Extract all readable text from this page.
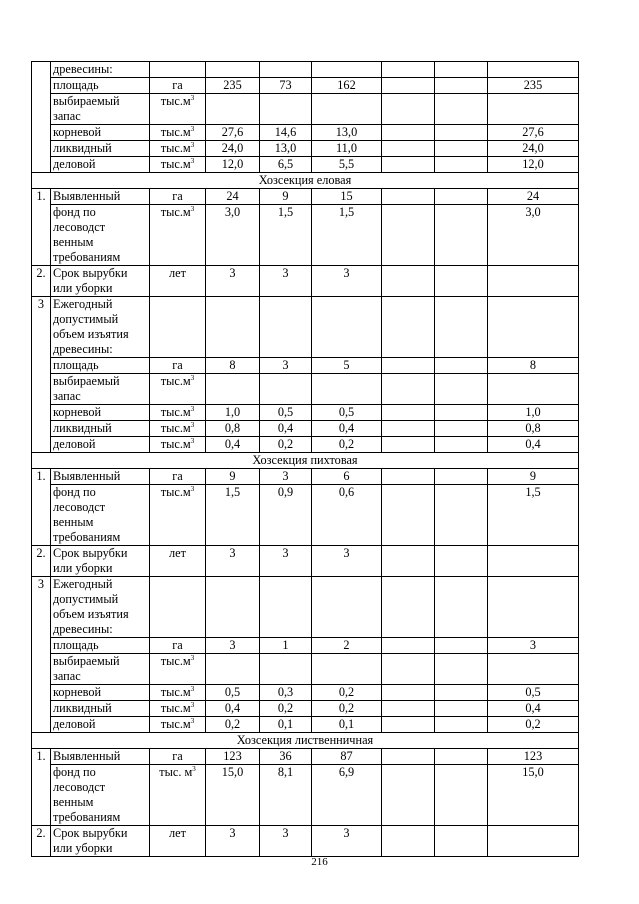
	древесины:							
	площадь	га	235	73	162			235
	выбираемый запас	$тыс.м^3$						
	корневой	$тыс.м^3$	27,6	14,6	13,0			27,6
	ликвидный	$тыс.м^3$	24,0	13,0	11,0			24,0
	деловой	$тыс.м^3$	12,0	6,5	5,5			12,0
Хозсекция еловая								
1.	Выявленный	га	24	9	15			24
	фонд по лесоводст венным требованиям	$тыс.м^3$	3,0	1,5	1,5			3,0
2.	Срок вырубки или уборки	лет	3	3	3			
3	Ежегодный допустимый объем изъятия древесины:							
	площадь	га	8	3	5			8
	выбираемый запас	$тыс.м^3$						
	корневой	$тыс.м^3$	1,0	0,5	0,5			1,0
	ликвидный	$тыс.м^3$	0,8	0,4	0,4			0,8
	деловой	$тыс.м^3$	0,4	0,2	0,2			0,4
Хозсекция пихтовая								
1.	Выявленный	га	9	3	6			9
	фонд по лесоводст венным требованиям	$тыс.м^3$	1,5	0,9	0,6			1,5
2.	Срок вырубки или уборки	лет	3	3	3			
3	Ежегодный допустимый объем изъятия древесины:							
	площадь	га	3	1	2			3
	выбираемый запас	$тыс.м^3$						
	корневой	$тыс.м^3$	0,5	0,3	0,2			0,5
	ликвидный	$тыс.м^3$	0,4	0,2	0,2			0,4
	деловой	$тыс.м^3$	0,2	0,1	0,1			0,2
Хозсекция лиственничная								
1.	Выявленный	га	123	36	87			123
	фонд по лесоводст венным требованиям	тыс. $м^3$	15,0	8,1	6,9			15,0
2.	Срок вырубки или уборки	лет	3	3	3			
216
